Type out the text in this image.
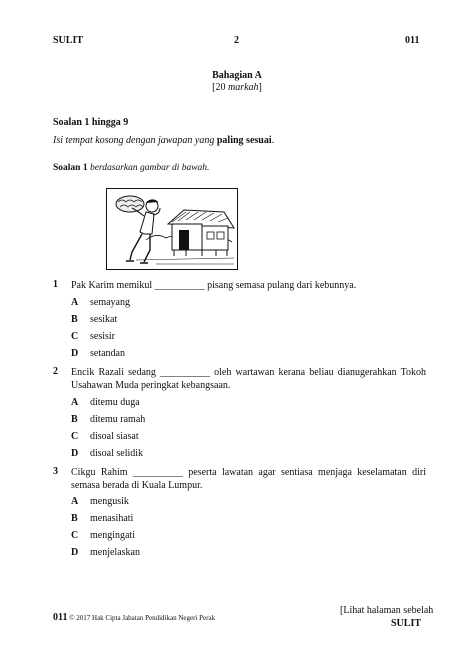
SULIT	2	011
Bahagian A
[20 markah]
Soalan 1 hingga 9
Isi tempat kosong dengan jawapan yang paling sesuai.
Soalan 1 berdasarkan gambar di bawah.
1 Pak Karim memikul __________ pisang semasa pulang dari kebunnya.
A semayang
B sesikat
C sesisir
D setandan
2 Encik Razali sedang __________ oleh wartawan kerana beliau dianugerahkan Tokoh Usahawan Muda peringkat kebangsaan.
A ditemu duga
B ditemu ramah
C disoal siasat
D disoal selidik
3 Cikgu Rahim __________ peserta lawatan agar sentiasa menjaga keselamatan diri semasa berada di Kuala Lumpur.
A mengusik
B menasihati
C mengingati
D menjelaskan
011 © 2017 Hak Cipta Jabatan Pendidikan Negeri Perak
[Lihat halaman sebelah
SULIT
